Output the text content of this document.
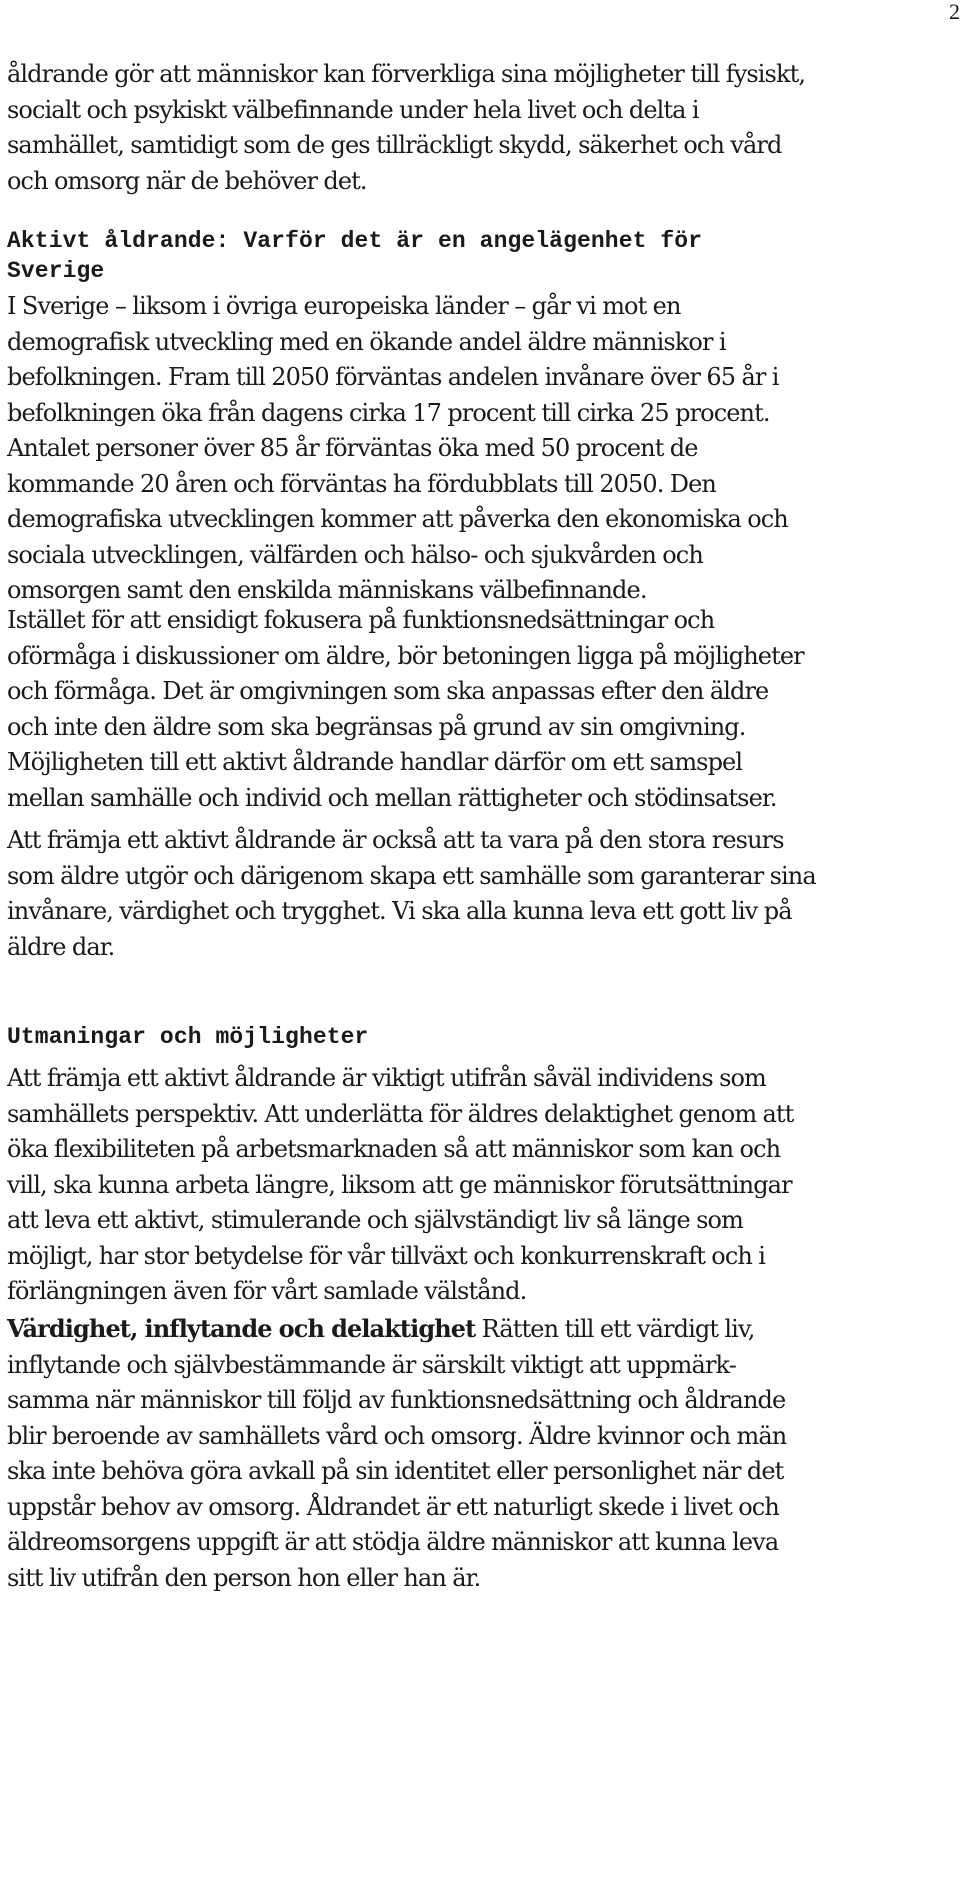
2

åldrande gör att människor kan förverkliga sina möjligheter till fysiskt,
socialt och psykiskt välbefinnande under hela livet och delta i
samhället, samtidigt som de ges tillräckligt skydd, säkerhet och vård
och omsorg när de behöver det.

Aktivt åldrande: Varför det är en angelägenhet för
Sverige

I Sverige – liksom i övriga europeiska länder – går vi mot en
demografisk utveckling med en ökande andel äldre människor i
befolkningen. Fram till 2050 förväntas andelen invånare över 65 år i
befolkningen öka från dagens cirka 17 procent till cirka 25 procent.
Antalet personer över 85 år förväntas öka med 50 procent de
kommande 20 åren och förväntas ha fördubblats till 2050. Den
demografiska utvecklingen kommer att påverka den ekonomiska och
sociala utvecklingen, välfärden och hälso- och sjukvården och
omsorgen samt den enskilda människans välbefinnande.

Istället för att ensidigt fokusera på funktionsnedsättningar och
oförmåga i diskussioner om äldre, bör betoningen ligga på möjligheter
och förmåga. Det är omgivningen som ska anpassas efter den äldre
och inte den äldre som ska begränsas på grund av sin omgivning.
Möjligheten till ett aktivt åldrande handlar därför om ett samspel
mellan samhälle och individ och mellan rättigheter och stödinsatser.

Att främja ett aktivt åldrande är också att ta vara på den stora resurs
som äldre utgör och därigenom skapa ett samhälle som garanterar sina
invånare, värdighet och trygghet. Vi ska alla kunna leva ett gott liv på
äldre dar.

Utmaningar och möjligheter

Att främja ett aktivt åldrande är viktigt utifrån såväl individens som
samhällets perspektiv. Att underlätta för äldres delaktighet genom att
öka flexibiliteten på arbetsmarknaden så att människor som kan och
vill, ska kunna arbeta längre, liksom att ge människor förutsättningar
att leva ett aktivt, stimulerande och självständigt liv så länge som
möjligt, har stor betydelse för vår tillväxt och konkurrenskraft och i
förlängningen även för vårt samlade välstånd.

Värdighet, inflytande och delaktighet Rätten till ett värdigt liv,
inflytande och självbestämmande är särskilt viktigt att uppmärk-
samma när människor till följd av funktionsnedsättning och åldrande
blir beroende av samhällets vård och omsorg. Äldre kvinnor och män
ska inte behöva göra avkall på sin identitet eller personlighet när det
uppstår behov av omsorg. Åldrandet är ett naturligt skede i livet och
äldreomsorgens uppgift är att stödja äldre människor att kunna leva
sitt liv utifrån den person hon eller han är.
